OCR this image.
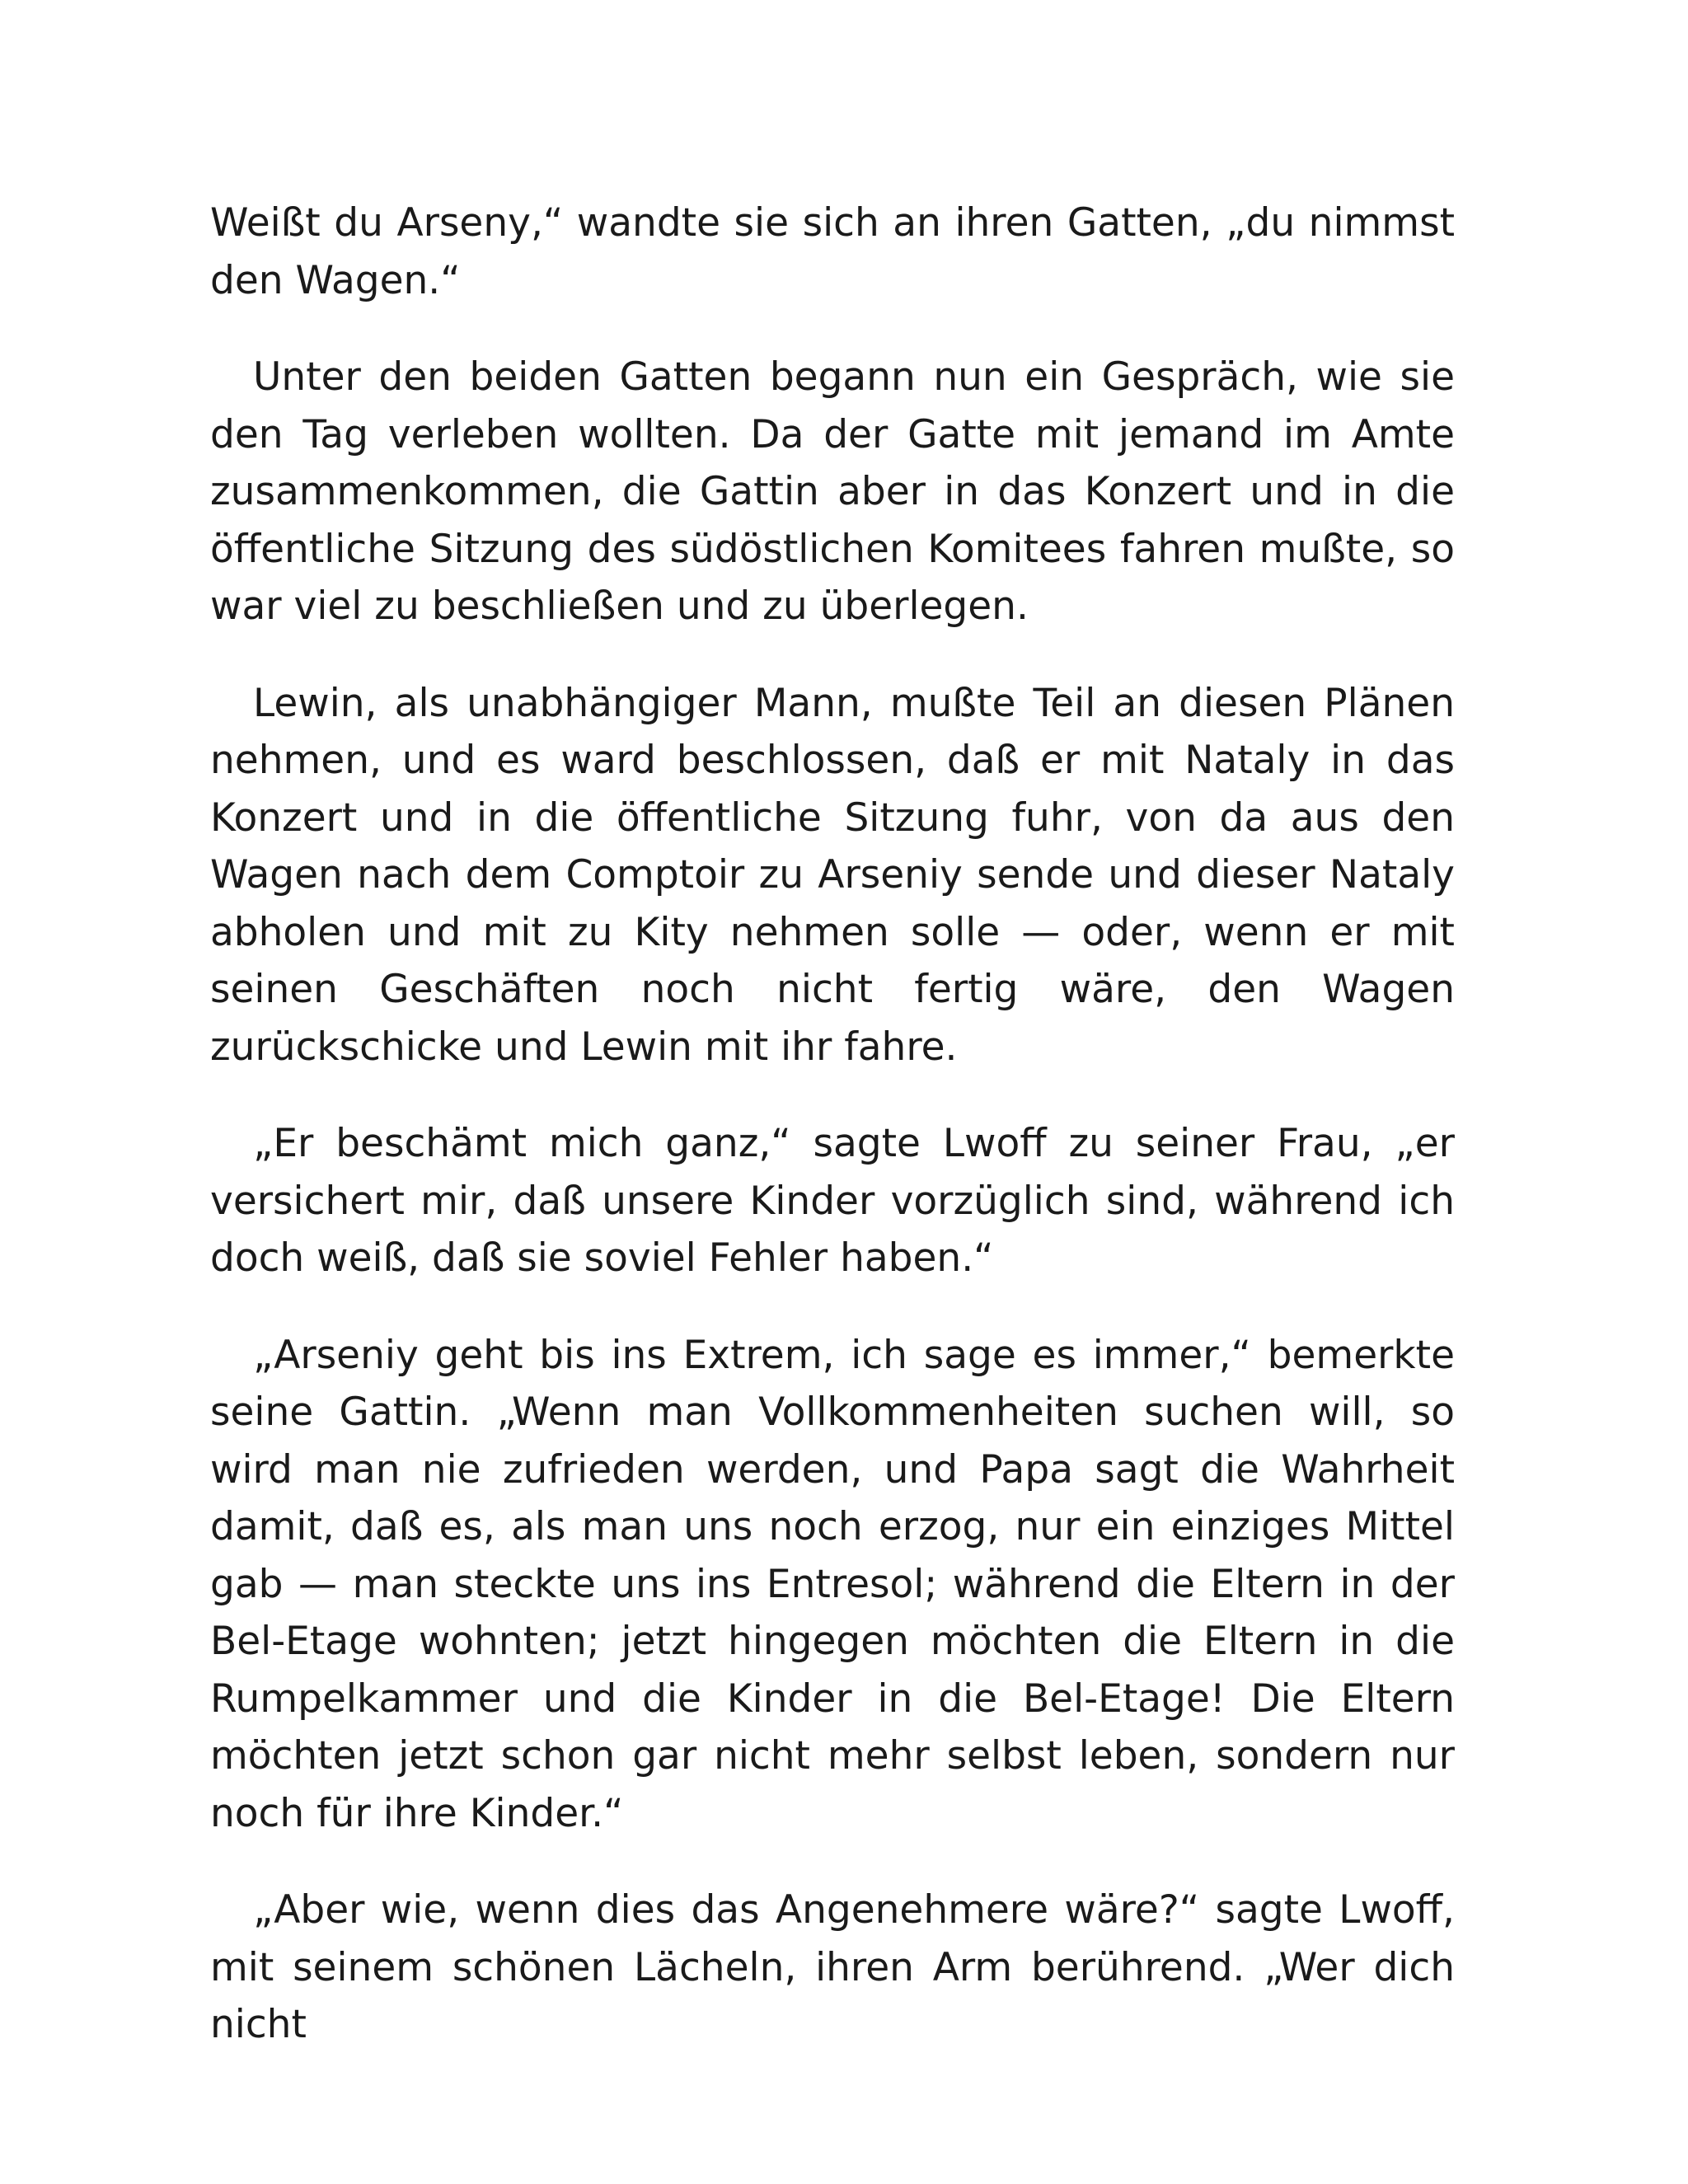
Weißt du Arseny,“ wandte sie sich an ihren Gatten, „du nimmst den Wagen.“

Unter den beiden Gatten begann nun ein Gespräch, wie sie den Tag verleben wollten. Da der Gatte mit jemand im Amte zusammenkommen, die Gattin aber in das Konzert und in die öffentliche Sitzung des südöstlichen Komitees fahren mußte, so war viel zu beschließen und zu überlegen.

Lewin, als unabhängiger Mann, mußte Teil an diesen Plänen nehmen, und es ward beschlossen, daß er mit Nataly in das Konzert und in die öffentliche Sitzung fuhr, von da aus den Wagen nach dem Comptoir zu Arseniy sende und dieser Nataly abholen und mit zu Kity nehmen solle — oder, wenn er mit seinen Geschäften noch nicht fertig wäre, den Wagen zurückschicke und Lewin mit ihr fahre.

„Er beschämt mich ganz,“ sagte Lwoff zu seiner Frau, „er versichert mir, daß unsere Kinder vorzüglich sind, während ich doch weiß, daß sie soviel Fehler haben.“

„Arseniy geht bis ins Extrem, ich sage es immer,“ bemerkte seine Gattin. „Wenn man Vollkommenheiten suchen will, so wird man nie zufrieden werden, und Papa sagt die Wahrheit damit, daß es, als man uns noch erzog, nur ein einziges Mittel gab — man steckte uns ins Entresol; während die Eltern in der Bel-Etage wohnten; jetzt hingegen möchten die Eltern in die Rumpelkammer und die Kinder in die Bel-Etage! Die Eltern möchten jetzt schon gar nicht mehr selbst leben, sondern nur noch für ihre Kinder.“

„Aber wie, wenn dies das Angenehmere wäre?“ sagte Lwoff, mit seinem schönen Lächeln, ihren Arm berührend. „Wer dich nicht
